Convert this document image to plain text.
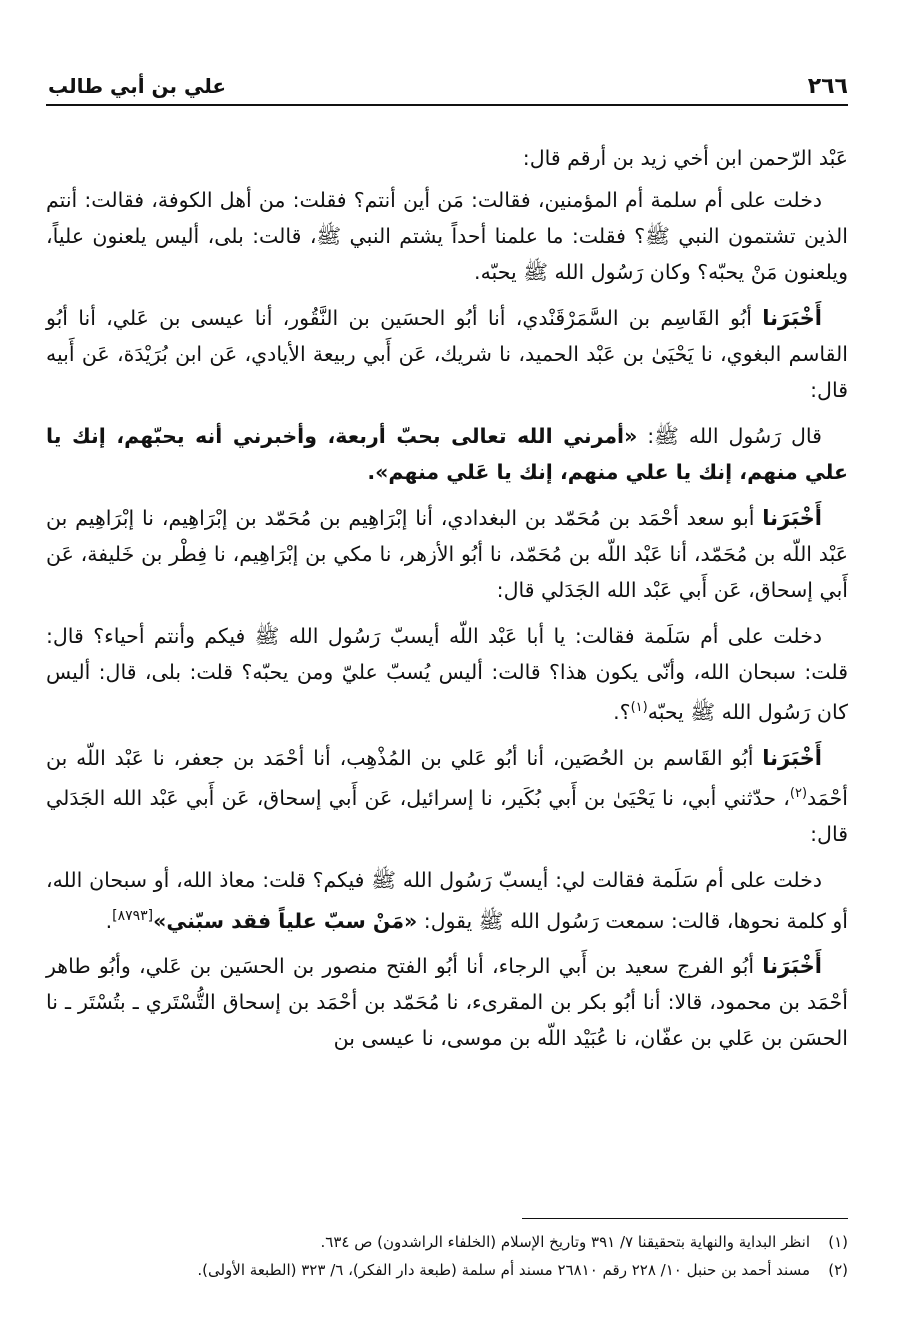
٢٦٦
علي بن أبي طالب

عَبْد الرّحمن ابن أخي زيد بن أرقم قال:

دخلت على أم سلمة أم المؤمنين، فقالت: مَن أين أنتم؟ فقلت: من أهل الكوفة، فقالت: أنتم الذين تشتمون النبي ﷺ؟ فقلت: ما علمنا أحداً يشتم النبي ﷺ، قالت: بلى، أليس يلعنون علياً، ويلعنون مَنْ يحبّه؟ وكان رَسُول الله ﷺ يحبّه.

أَخْبَرَنا أبُو القَاسِم بن السَّمَرْقَنْدي، أنا أبُو الحسَين بن النَّقُور، أنا عيسى بن عَلي، أنا أبُو القاسم البغوي، نا يَحْيَىٰ بن عَبْد الحميد، نا شريك، عَن أَبي ربيعة الأيادي، عَن ابن بُرَيْدَة، عَن أَبيه قال:

قال رَسُول الله ﷺ: «أمرني الله تعالى بحبّ أربعة، وأخبرني أنه يحبّهم، إنك يا علي منهم، إنك يا علي منهم، إنك يا عَلي منهم».

أَخْبَرَنا أبو سعد أحْمَد بن مُحَمّد بن البغدادي، أنا إبْرَاهِيم بن مُحَمّد بن إبْرَاهِيم، نا إبْرَاهِيم بن عَبْد اللّه بن مُحَمّد، أنا عَبْد اللّه بن مُحَمّد، نا أبُو الأزهر، نا مكي بن إبْرَاهِيم، نا فِطْر بن خَليفة، عَن أَبي إسحاق، عَن أَبي عَبْد الله الجَدَلي قال:

دخلت على أم سَلَمة فقالت: يا أبا عَبْد اللّه أيسبّ رَسُول الله ﷺ فيكم وأنتم أحياء؟ قال: قلت: سبحان الله، وأنّى يكون هذا؟ قالت: أليس يُسبّ عليّ ومن يحبّه؟ قلت: بلى، قال: أليس كان رَسُول الله ﷺ يحبّه$^{(١)}$؟.

أَخْبَرَنا أبُو القَاسم بن الحُصَين، أنا أبُو عَلي بن المُذْهِب، أنا أحْمَد بن جعفر، نا عَبْد اللّه بن أحْمَد$^{(٢)}$، حدّثني أبي، نا يَحْيَىٰ بن أَبي بُكَير، نا إسرائيل، عَن أَبي إسحاق، عَن أَبي عَبْد الله الجَدَلي قال:

دخلت على أم سَلَمة فقالت لي: أيسبّ رَسُول الله ﷺ فيكم؟ قلت: معاذ الله، أو سبحان الله، أو كلمة نحوها، قالت: سمعت رَسُول الله ﷺ يقول: «مَنْ سبّ علياً فقد سبّني»[٨٧٩٣].

أَخْبَرَنا أبُو الفرج سعيد بن أَبي الرجاء، أنا أبُو الفتح منصور بن الحسَين بن عَلي، وأبُو طاهر أحْمَد بن محمود، قالا: أنا أبُو بكر بن المقرىء، نا مُحَمّد بن أحْمَد بن إسحاق التُّسْتَري ـ بتُسْتَر ـ نا الحسَن بن عَلي بن عفّان، نا عُبَيْد اللّه بن موسى، نا عيسى بن

(١)
انظر البداية والنهاية بتحقيقنا ٧/ ٣٩١ وتاريخ الإسلام (الخلفاء الراشدون) ص ٦٣٤.
(٢)
مسند أحمد بن حنبل ١٠/ ٢٢٨ رقم ٢٦٨١٠ مسند أم سلمة (طبعة دار الفكر)، ٦/ ٣٢٣ (الطبعة الأولى).
